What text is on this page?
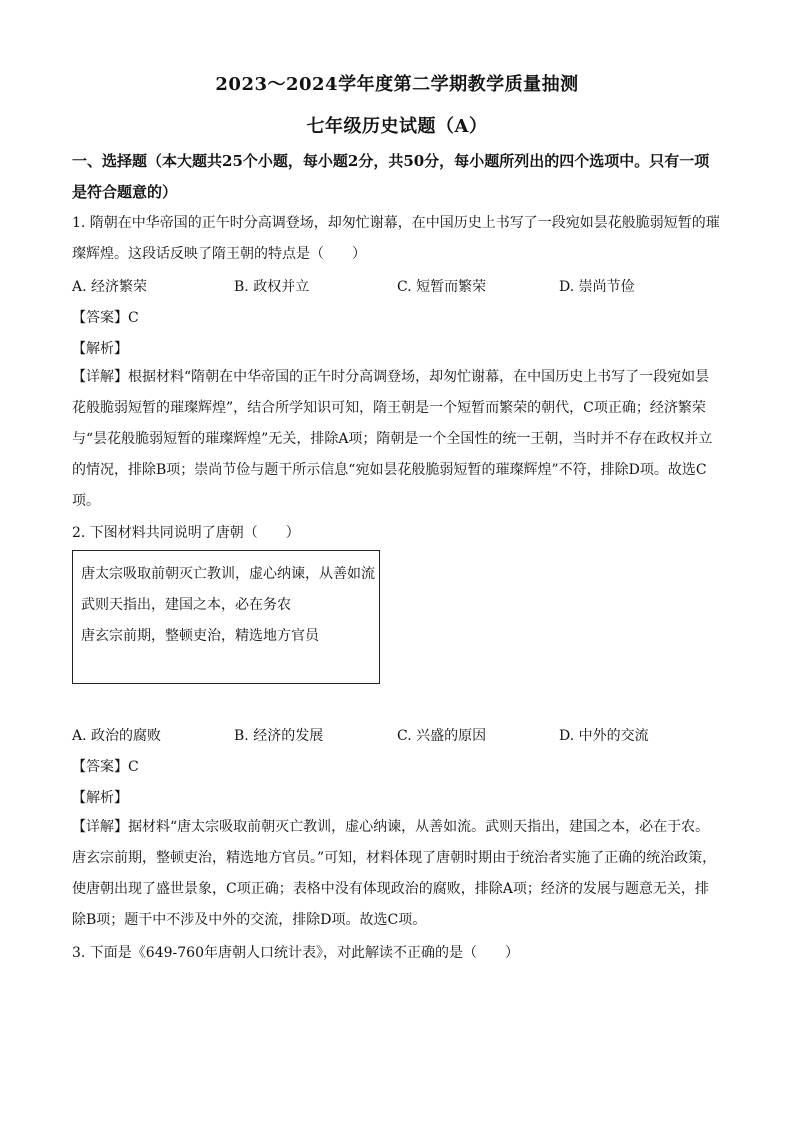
2023～2024学年度第二学期教学质量抽测
七年级历史试题（A）

一、选择题（本大题共25个小题，每小题2分，共50分，每小题所列出的四个选项中。只有一项是符合题意的）

1. 隋朝在中华帝国的正午时分高调登场，却匆忙谢幕，在中国历史上书写了一段宛如昙花般脆弱短暂的璀璨辉煌。这段话反映了隋王朝的特点是（　　）

A. 经济繁荣	B. 政权并立	C. 短暂而繁荣	D. 崇尚节俭
【答案】C
【解析】

【详解】根据材料“隋朝在中华帝国的正午时分高调登场，却匆忙谢幕，在中国历史上书写了一段宛如昙花般脆弱短暂的璀璨辉煌”，结合所学知识可知，隋王朝是一个短暂而繁荣的朝代，C项正确；经济繁荣与“昙花般脆弱短暂的璀璨辉煌”无关，排除A项；隋朝是一个全国性的统一王朝，当时并不存在政权并立的情况，排除B项；崇尚节俭与题干所示信息“宛如昙花般脆弱短暂的璀璨辉煌”不符，排除D项。故选C项。

2. 下图材料共同说明了唐朝（　　）

唐太宗吸取前朝灭亡教训，虚心纳谏，从善如流

武则天指出，建国之本，必在务农

唐玄宗前期，整顿吏治，精选地方官员

A. 政治的腐败	B. 经济的发展	C. 兴盛的原因	D. 中外的交流
【答案】C
【解析】

【详解】据材料“唐太宗吸取前朝灭亡教训，虚心纳谏，从善如流。武则天指出，建国之本，必在于农。唐玄宗前期，整顿吏治，精选地方官员。”可知，材料体现了唐朝时期由于统治者实施了正确的统治政策，使唐朝出现了盛世景象，C项正确；表格中没有体现政治的腐败，排除A项；经济的发展与题意无关，排除B项；题干中不涉及中外的交流，排除D项。故选C项。

3. 下面是《649-760年唐朝人口统计表》，对此解读不正确的是（　　）
